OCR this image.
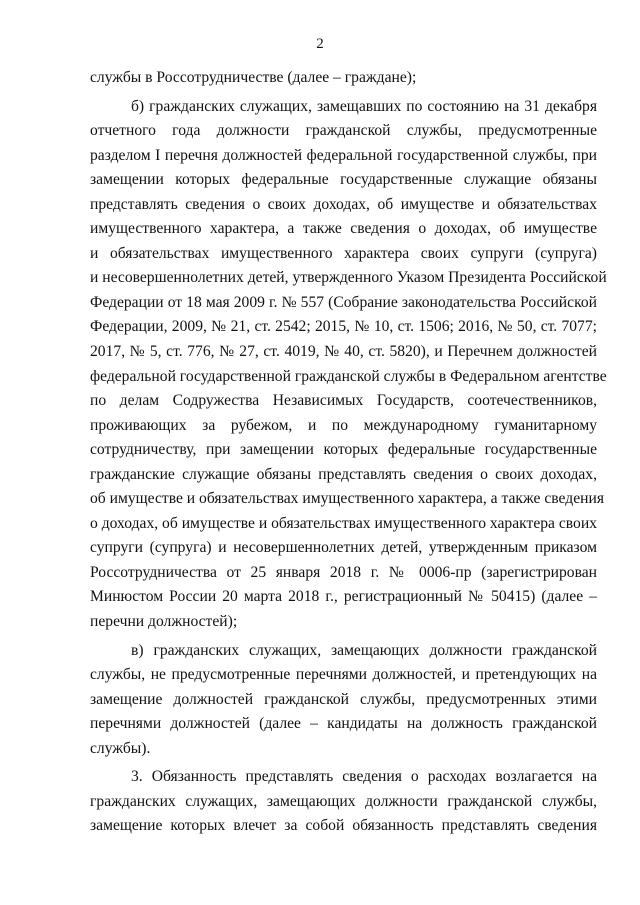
2
службы в Россотрудничестве (далее – граждане);
б) гражданских служащих, замещавших по состоянию на 31 декабря
отчетного года должности гражданской службы, предусмотренные
разделом I перечня должностей федеральной государственной службы, при
замещении которых федеральные государственные служащие обязаны
представлять сведения о своих доходах, об имуществе и обязательствах
имущественного характера, а также сведения о доходах, об имуществе
и обязательствах имущественного характера своих супруги (супруга)
и несовершеннолетних детей, утвержденного Указом Президента Российской
Федерации от 18 мая 2009 г. № 557 (Собрание законодательства Российской
Федерации, 2009, № 21, ст. 2542; 2015, № 10, ст. 1506; 2016, № 50, ст. 7077;
2017, № 5, ст. 776, № 27, ст. 4019, № 40, ст. 5820), и Перечнем должностей
федеральной государственной гражданской службы в Федеральном агентстве
по делам Содружества Независимых Государств, соотечественников,
проживающих за рубежом, и по международному гуманитарному
сотрудничеству, при замещении которых федеральные государственные
гражданские служащие обязаны представлять сведения о своих доходах,
об имуществе и обязательствах имущественного характера, а также сведения
о доходах, об имуществе и обязательствах имущественного характера своих
супруги (супруга) и несовершеннолетних детей, утвержденным приказом
Россотрудничества от 25 января 2018 г. № 0006-пр (зарегистрирован
Минюстом России 20 марта 2018 г., регистрационный № 50415) (далее –
перечни должностей);
в) гражданских служащих, замещающих должности гражданской
службы, не предусмотренные перечнями должностей, и претендующих на
замещение должностей гражданской службы, предусмотренных этими
перечнями должностей (далее – кандидаты на должность гражданской
службы).
3. Обязанность представлять сведения о расходах возлагается на
гражданских служащих, замещающих должности гражданской службы,
замещение которых влечет за собой обязанность представлять сведения
